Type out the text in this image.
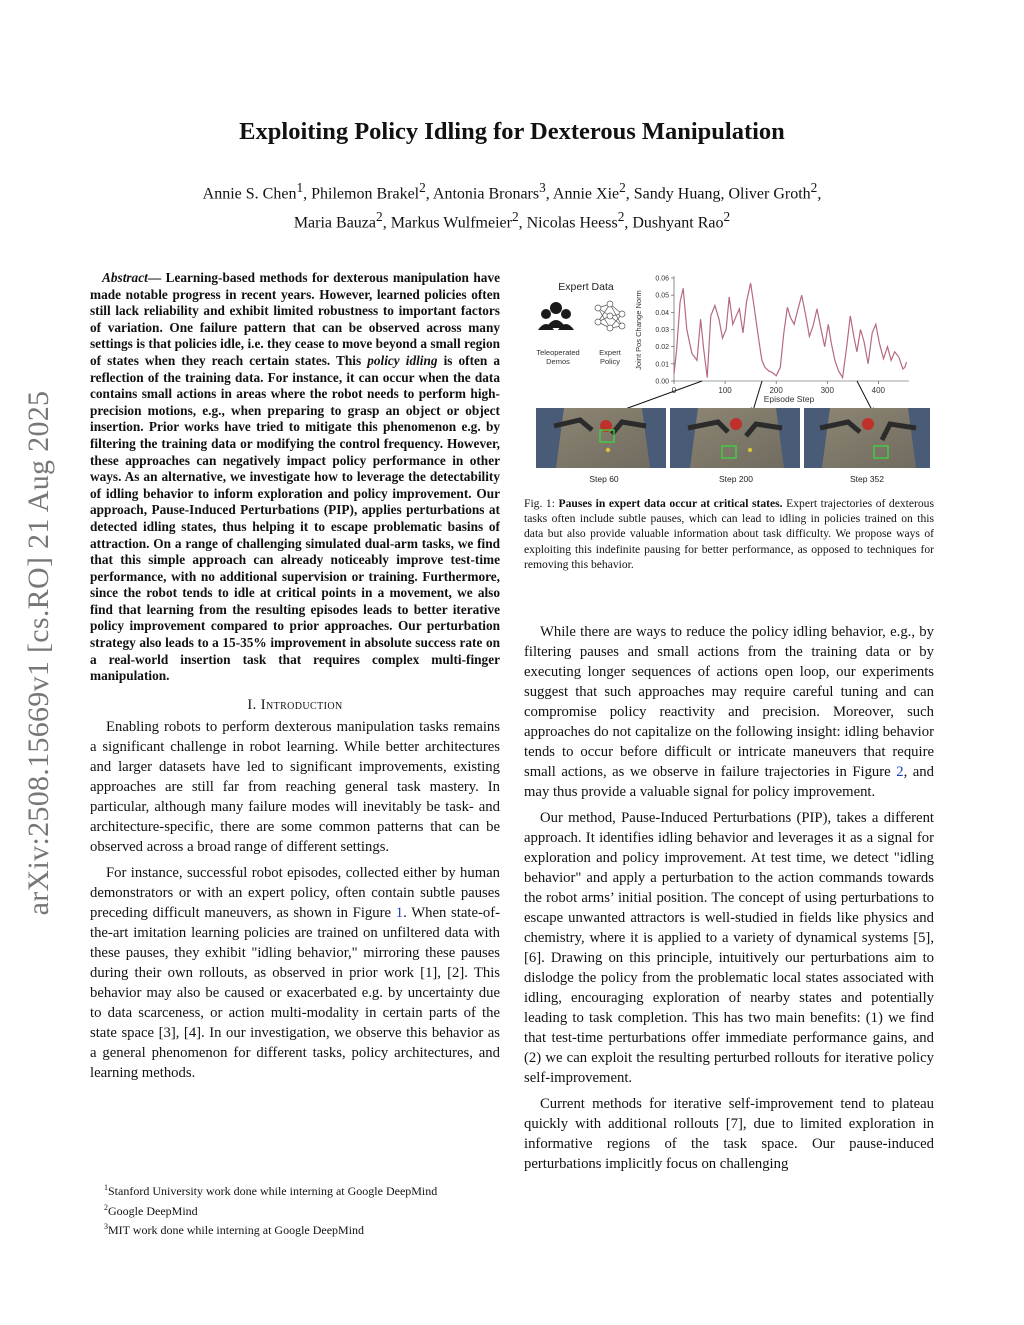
arXiv:2508.15669v1 [cs.RO] 21 Aug 2025
Exploiting Policy Idling for Dexterous Manipulation
Annie S. Chen$^1$, Philemon Brakel$^2$, Antonia Bronars$^3$, Annie Xie$^2$, Sandy Huang, Oliver Groth$^2$,
Maria Bauza$^2$, Markus Wulfmeier$^2$, Nicolas Heess$^2$, Dushyant Rao$^2$

Abstract— Learning-based methods for dexterous manipulation have made notable progress in recent years. However, learned policies often still lack reliability and exhibit limited robustness to important factors of variation. One failure pattern that can be observed across many settings is that policies idle, i.e. they cease to move beyond a small region of states when they reach certain states. This policy idling is often a reflection of the training data. For instance, it can occur when the data contains small actions in areas where the robot needs to perform high-precision motions, e.g., when preparing to grasp an object or object insertion. Prior works have tried to mitigate this phenomenon e.g. by filtering the training data or modifying the control frequency. However, these approaches can negatively impact policy performance in other ways. As an alternative, we investigate how to leverage the detectability of idling behavior to inform exploration and policy improvement. Our approach, Pause-Induced Perturbations (PIP), applies perturbations at detected idling states, thus helping it to escape problematic basins of attraction. On a range of challenging simulated dual-arm tasks, we find that this simple approach can already noticeably improve test-time performance, with no additional supervision or training. Furthermore, since the robot tends to idle at critical points in a movement, we also find that learning from the resulting episodes leads to better iterative policy improvement compared to prior approaches. Our perturbation strategy also leads to a 15-35% improvement in absolute success rate on a real-world insertion task that requires complex multi-finger manipulation.

I. Introduction

Enabling robots to perform dexterous manipulation tasks remains a significant challenge in robot learning. While better architectures and larger datasets have led to significant improvements, existing approaches are still far from reaching general task mastery. In particular, although many failure modes will inevitably be task- and architecture-specific, there are some common patterns that can be observed across a broad range of different settings.

For instance, successful robot episodes, collected either by human demonstrators or with an expert policy, often contain subtle pauses preceding difficult maneuvers, as shown in Figure 1. When state-of-the-art imitation learning policies are trained on unfiltered data with these pauses, they exhibit "idling behavior," mirroring these pauses during their own rollouts, as observed in prior work [1], [2]. This behavior may also be caused or exacerbated e.g. by uncertainty due to data scarceness, or action multi-modality in certain parts of the state space [3], [4]. In our investigation, we observe this behavior as a general phenomenon for different tasks, policy architectures, and learning methods.

$^1$Stanford University work done while interning at Google DeepMind
$^2$Google DeepMind
$^3$MIT work done while interning at Google DeepMind
Expert Data
Teleoperated
Demos
Expert
Policy
0.00
0.01
0.02
0.03
0.04
0.05
0.06
0	100	200	300	400
Joint Pos Change Norm
Episode Step
Step 60	Step 200	Step 352
Fig. 1: Pauses in expert data occur at critical states. Expert trajectories of dexterous tasks often include subtle pauses, which can lead to idling in policies trained on this data but also provide valuable information about task difficulty. We propose ways of exploiting this indefinite pausing for better performance, as opposed to techniques for removing this behavior.

While there are ways to reduce the policy idling behavior, e.g., by filtering pauses and small actions from the training data or by executing longer sequences of actions open loop, our experiments suggest that such approaches may require careful tuning and can compromise policy reactivity and precision. Moreover, such approaches do not capitalize on the following insight: idling behavior tends to occur before difficult or intricate maneuvers that require small actions, as we observe in failure trajectories in Figure 2, and may thus provide a valuable signal for policy improvement.

Our method, Pause-Induced Perturbations (PIP), takes a different approach. It identifies idling behavior and leverages it as a signal for exploration and policy improvement. At test time, we detect "idling behavior" and apply a perturbation to the action commands towards the robot arms’ initial position. The concept of using perturbations to escape unwanted attractors is well-studied in fields like physics and chemistry, where it is applied to a variety of dynamical systems [5], [6]. Drawing on this principle, intuitively our perturbations aim to dislodge the policy from the problematic local states associated with idling, encouraging exploration of nearby states and potentially leading to task completion. This has two main benefits: (1) we find that test-time perturbations offer immediate performance gains, and (2) we can exploit the resulting perturbed rollouts for iterative policy self-improvement.

Current methods for iterative self-improvement tend to plateau quickly with additional rollouts [7], due to limited exploration in informative regions of the task space. Our pause-induced perturbations implicitly focus on challenging
